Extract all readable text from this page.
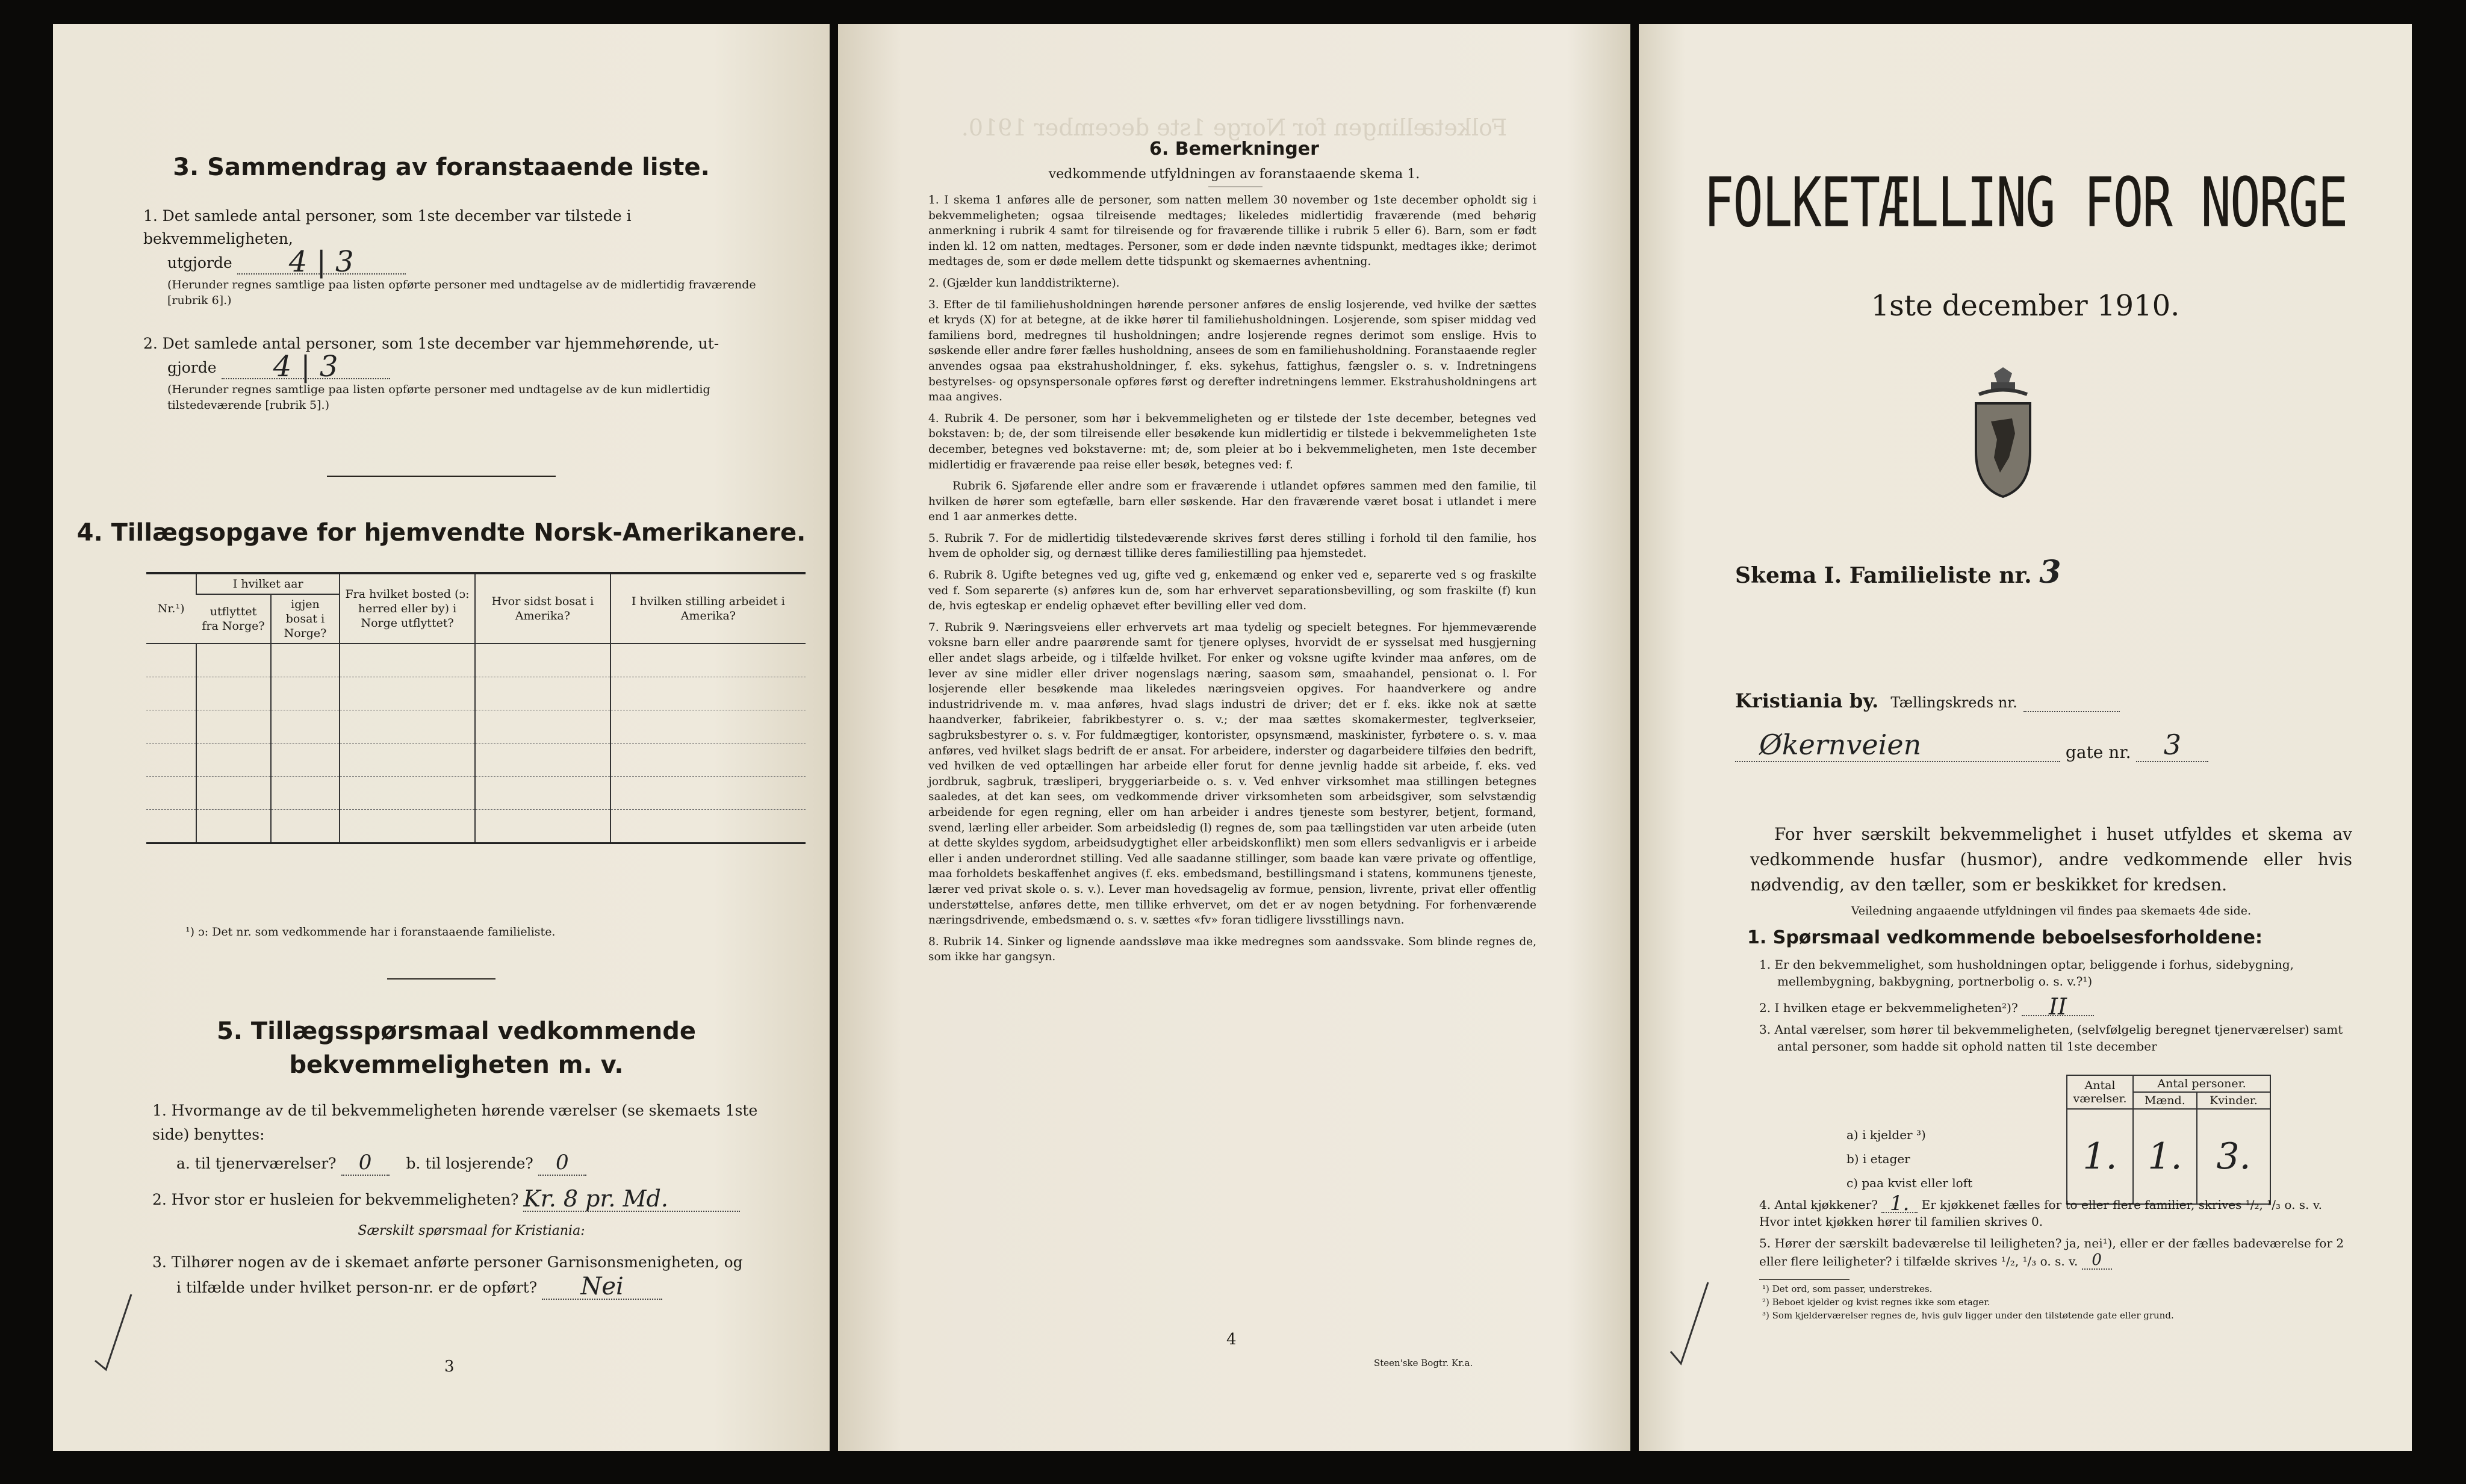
3. Sammendrag av foranstaaende liste.
1. Det samlede antal personer, som 1ste december var tilstede i bekvemmeligheten,
utgjorde 4 | 3
(Herunder regnes samtlige paa listen opførte personer med undtagelse av de midlertidig fraværende [rubrik 6].)
2. Det samlede antal personer, som 1ste december var hjemmehørende, ut-
gjorde 4 | 3
(Herunder regnes samtlige paa listen opførte personer med undtagelse av de kun midlertidig tilstedeværende [rubrik 5].)
4. Tillægsopgave for hjemvendte Norsk-Amerikanere.
Nr.¹)	I hvilket aar		Fra hvilket bosted (ɔ: herred eller by) i Norge utflyttet?	Hvor sidst bosat i Amerika?	I hvilken stilling arbeidet i Amerika?
	utflyttet fra Norge?	igjen bosat i Norge?			

¹) ɔ: Det nr. som vedkommende har i foranstaaende familieliste.
5. Tillægsspørsmaal vedkommende bekvemmeligheten m. v.
1. Hvormange av de til bekvemmeligheten hørende værelser (se skemaets 1ste side) benyttes:
a. til tjenerværelser? 0 b. til losjerende? 0
2. Hvor stor er husleien for bekvemmeligheten? Kr. 8 pr. Md.
Særskilt spørsmaal for Kristiania:
3. Tilhører nogen av de i skemaet anførte personer Garnisonsmenigheten, og
i tilfælde under hvilket person-nr. er de opført? Nei
3
Folketællingen for Norge 1ste december 1910.
6. Bemerkninger
vedkommende utfyldningen av foranstaaende skema 1.

1. I skema 1 anføres alle de personer, som natten mellem 30 november og 1ste december opholdt sig i bekvemmeligheten; ogsaa tilreisende medtages; likeledes midlertidig fraværende (med behørig anmerkning i rubrik 4 samt for tilreisende og for fraværende tillike i rubrik 5 eller 6). Barn, som er født inden kl. 12 om natten, medtages. Personer, som er døde inden nævnte tidspunkt, medtages ikke; derimot medtages de, som er døde mellem dette tidspunkt og skemaernes avhentning.

2. (Gjælder kun landdistrikterne).

3. Efter de til familiehusholdningen hørende personer anføres de enslig losjerende, ved hvilke der sættes et kryds (X) for at betegne, at de ikke hører til familiehusholdningen. Losjerende, som spiser middag ved familiens bord, medregnes til husholdningen; andre losjerende regnes derimot som enslige. Hvis to søskende eller andre fører fælles husholdning, ansees de som en familiehusholdning. Foranstaaende regler anvendes ogsaa paa ekstrahusholdninger, f. eks. sykehus, fattighus, fængsler o. s. v. Indretningens bestyrelses- og opsynspersonale opføres først og derefter indretningens lemmer. Ekstrahusholdningens art maa angives.

4. Rubrik 4. De personer, som hør i bekvemmeligheten og er tilstede der 1ste december, betegnes ved bokstaven: b; de, der som tilreisende eller besøkende kun midlertidig er tilstede i bekvemmeligheten 1ste december, betegnes ved bokstaverne: mt; de, som pleier at bo i bekvemmeligheten, men 1ste december midlertidig er fraværende paa reise eller besøk, betegnes ved: f.

Rubrik 6. Sjøfarende eller andre som er fraværende i utlandet opføres sammen med den familie, til hvilken de hører som egtefælle, barn eller søskende. Har den fraværende været bosat i utlandet i mere end 1 aar anmerkes dette.

5. Rubrik 7. For de midlertidig tilstedeværende skrives først deres stilling i forhold til den familie, hos hvem de opholder sig, og dernæst tillike deres familiestilling paa hjemstedet.

6. Rubrik 8. Ugifte betegnes ved ug, gifte ved g, enkemænd og enker ved e, separerte ved s og fraskilte ved f. Som separerte (s) anføres kun de, som har erhvervet separationsbevilling, og som fraskilte (f) kun de, hvis egteskap er endelig ophævet efter bevilling eller ved dom.

7. Rubrik 9. Næringsveiens eller erhvervets art maa tydelig og specielt betegnes. For hjemmeværende voksne barn eller andre paarørende samt for tjenere oplyses, hvorvidt de er sysselsat med husgjerning eller andet slags arbeide, og i tilfælde hvilket. For enker og voksne ugifte kvinder maa anføres, om de lever av sine midler eller driver nogenslags næring, saasom søm, smaahandel, pensionat o. l. For losjerende eller besøkende maa likeledes næringsveien opgives. For haandverkere og andre industridrivende m. v. maa anføres, hvad slags industri de driver; det er f. eks. ikke nok at sætte haandverker, fabrikeier, fabrikbestyrer o. s. v.; der maa sættes skomakermester, teglverkseier, sagbruksbestyrer o. s. v. For fuldmægtiger, kontorister, opsynsmænd, maskinister, fyrbøtere o. s. v. maa anføres, ved hvilket slags bedrift de er ansat. For arbeidere, inderster og dagarbeidere tilføies den bedrift, ved hvilken de ved optællingen har arbeide eller forut for denne jevnlig hadde sit arbeide, f. eks. ved jordbruk, sagbruk, træsliperi, bryggeriarbeide o. s. v. Ved enhver virksomhet maa stillingen betegnes saaledes, at det kan sees, om vedkommende driver virksomheten som arbeidsgiver, som selvstændig arbeidende for egen regning, eller om han arbeider i andres tjeneste som bestyrer, betjent, formand, svend, lærling eller arbeider. Som arbeidsledig (l) regnes de, som paa tællingstiden var uten arbeide (uten at dette skyldes sygdom, arbeidsudygtighet eller arbeidskonflikt) men som ellers sedvanligvis er i arbeide eller i anden underordnet stilling. Ved alle saadanne stillinger, som baade kan være private og offentlige, maa forholdets beskaffenhet angives (f. eks. embedsmand, bestillingsmand i statens, kommunens tjeneste, lærer ved privat skole o. s. v.). Lever man hovedsagelig av formue, pension, livrente, privat eller offentlig understøttelse, anføres dette, men tillike erhvervet, om det er av nogen betydning. For forhenværende næringsdrivende, embedsmænd o. s. v. sættes «fv» foran tidligere livsstillings navn.

8. Rubrik 14. Sinker og lignende aandssløve maa ikke medregnes som aandssvake. Som blinde regnes de, som ikke har gangsyn.

4
Steen'ske Bogtr. Kr.a.
FOLKETÆLLING FOR NORGE
1ste december 1910.
Skema I. Familieliste nr. 3
Kristiania by. Tællingskreds nr.
Økernveien	gate nr. 3
For hver særskilt bekvemmelighet i huset utfyldes et skema av vedkommende husfar (husmor), andre vedkommende eller hvis nødvendig, av den tæller, som er beskikket for kredsen.
Veiledning angaaende utfyldningen vil findes paa skemaets 4de side.
1. Spørsmaal vedkommende beboelsesforholdene:
1. Er den bekvemmelighet, som husholdningen optar, beliggende i forhus, sidebygning, mellembygning, bakbygning, portnerbolig o. s. v.?¹)
2. I hvilken etage er bekvemmeligheten²)? II
3. Antal værelser, som hører til bekvemmeligheten, (selvfølgelig beregnet tjenerværelser) samt antal personer, som hadde sit ophold natten til 1ste december
Antal værelser.	Antal personer.	
	Mænd.	Kvinder.

1.	1.	3.

a) i kjelder ³)
b) i etager
c) paa kvist eller loft
4. Antal kjøkkener? 1. Er kjøkkenet fælles for to eller flere familier, skrives ¹/₂, ¹/₃ o. s. v. Hvor intet kjøkken hører til familien skrives 0.
5. Hører der særskilt badeværelse til leiligheten? ja, nei¹), eller er der fælles badeværelse for 2 eller flere leiligheter? i tilfælde skrives ¹/₂, ¹/₃ o. s. v. 0
¹) Det ord, som passer, understrekes.
²) Beboet kjelder og kvist regnes ikke som etager.
³) Som kjelderværelser regnes de, hvis gulv ligger under den tilstøtende gate eller grund.
